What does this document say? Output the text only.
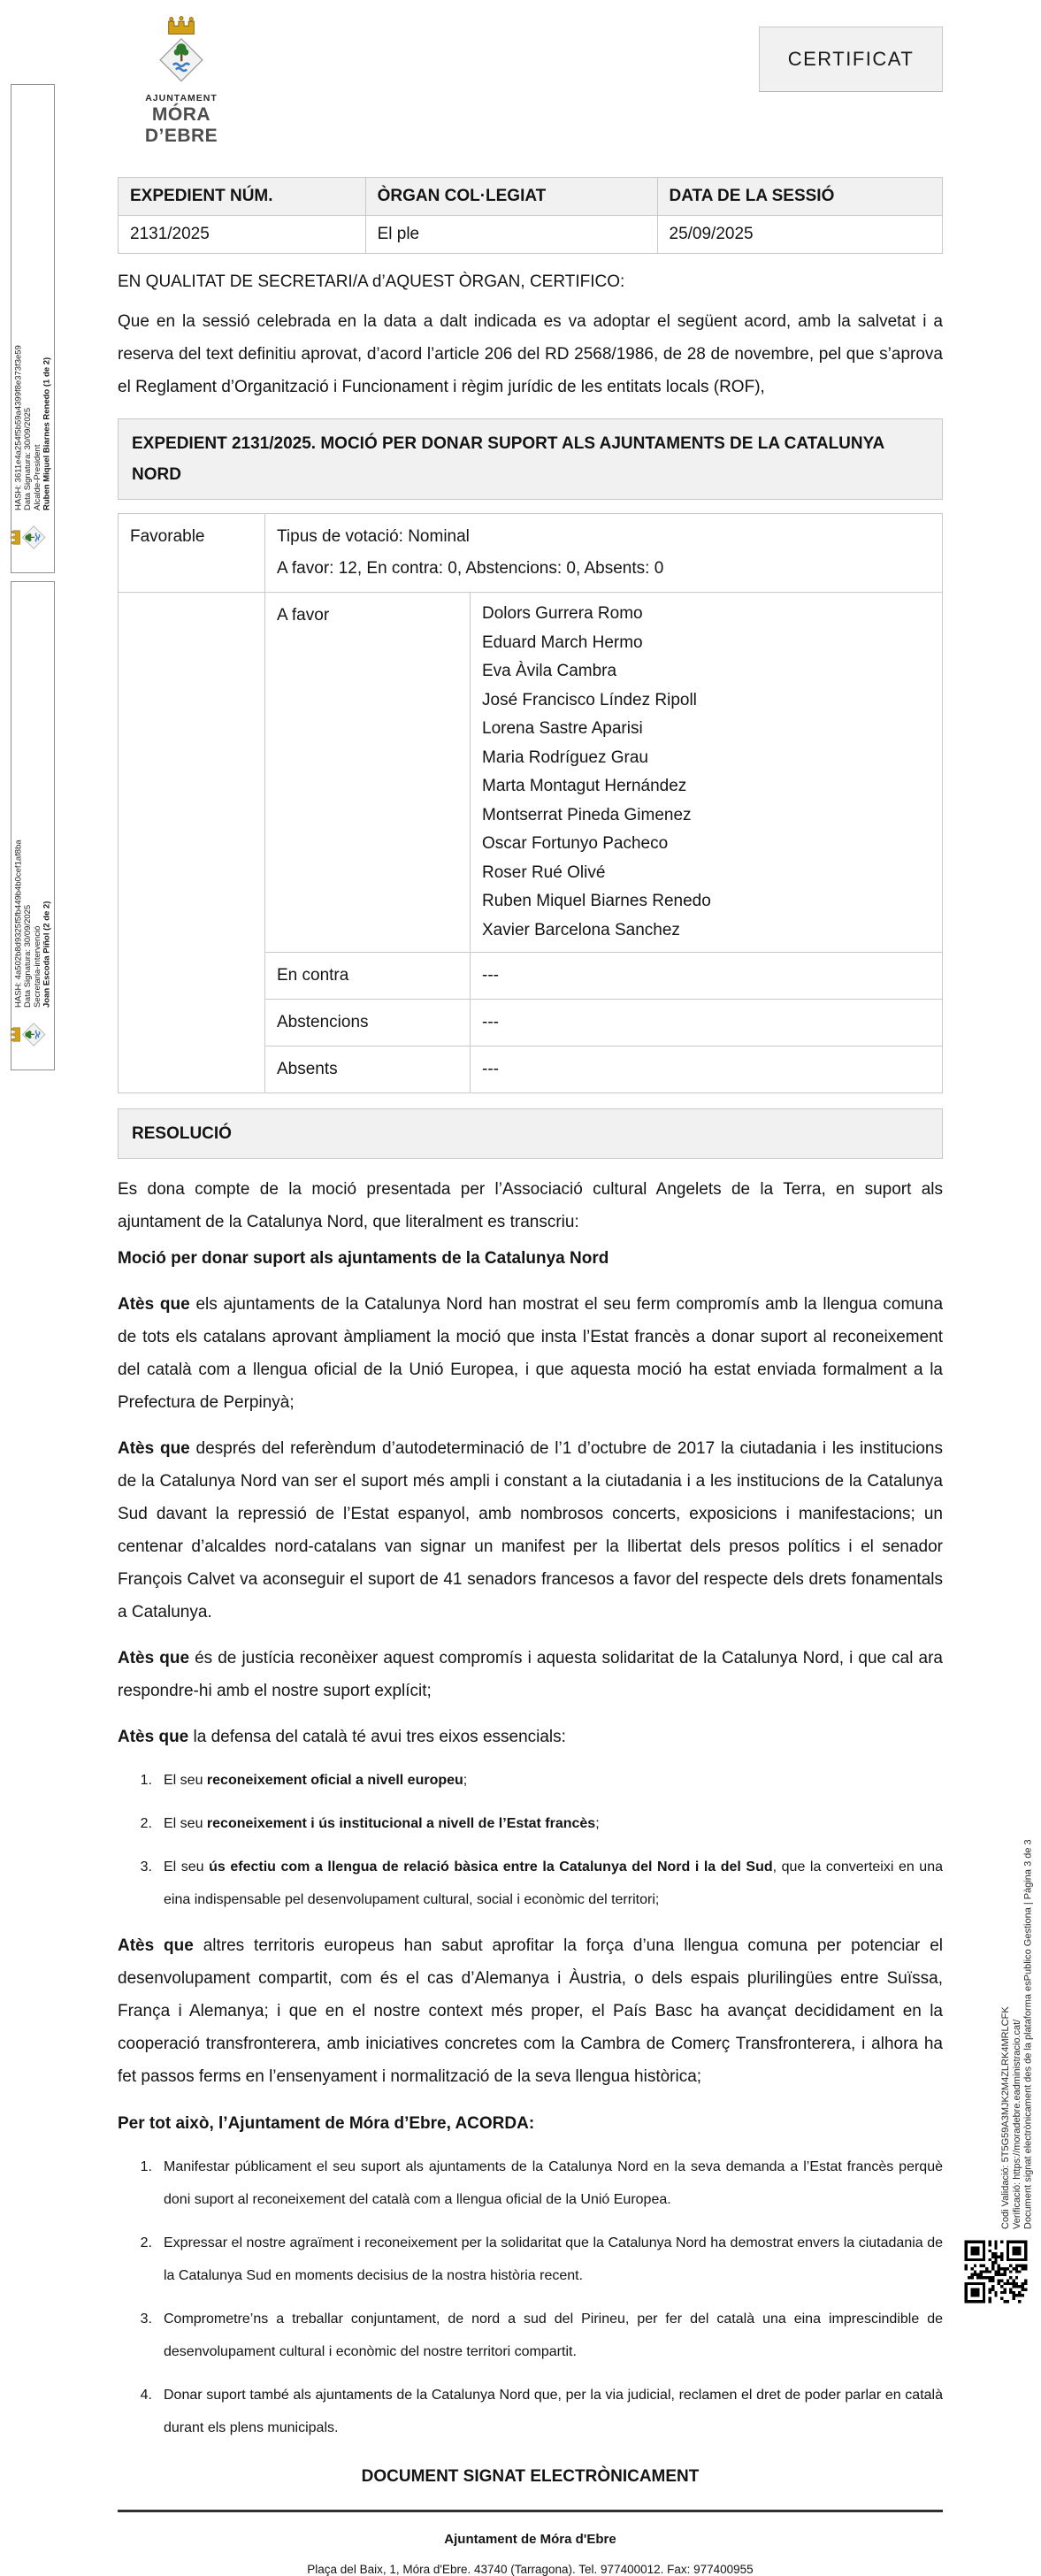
Ruben Miquel Biarnes Renedo (1 de 2)
Alcalde-President
Data Signatura: 30/09/2025
HASH: 3611e4a254f5b59a4399f8e373f3e59
Joan Escoda Piñol (2 de 2)
Secretaria-intervenció
Data Signatura: 30/09/2025
HASH: 4a502b8d9325f5fb449b4b0cef1af8ba
Codi Validació: 5T5G59A3MJK2M4ZLRK4MRLCFK Verificació: https://moradebre.eadministracio.cat/ Document signat electrònicament des de la plataforma esPublico Gestiona | Pàgina 3 de 3
AJUNTAMENT
MÓRA D’EBRE
CERTIFICAT
EXPEDIENT NÚM.	ÒRGAN COL·LEGIAT	DATA DE LA SESSIÓ
2131/2025	El ple	25/09/2025
EN QUALITAT DE SECRETARI/A d’AQUEST ÒRGAN, CERTIFICO:
Que en la sessió celebrada en la data a dalt indicada es va adoptar el següent acord, amb la salvetat i a reserva del text definitiu aprovat, d’acord l’article 206 del RD 2568/1986, de 28 de novembre, pel que s’aprova el Reglament d’Organització i Funcionament i règim jurídic de les entitats locals (ROF),
EXPEDIENT 2131/2025. MOCIÓ PER DONAR SUPORT ALS AJUNTAMENTS DE LA CATALUNYA NORD
Favorable	Tipus de votació: Nominal
A favor: 12, En contra: 0, Abstencions: 0, Absents: 0	

	A favor	Dolors Gurrera Romo
Eduard March Hermo
Eva Àvila Cambra
José Francisco Líndez Ripoll
Lorena Sastre Aparisi
Maria Rodríguez Grau
Marta Montagut Hernández
Montserrat Pineda Gimenez
Oscar Fortunyo Pacheco
Roser Rué Olivé
Ruben Miquel Biarnes Renedo
Xavier Barcelona Sanchez

	En contra	---
	Abstencions	---
	Absents	---
RESOLUCIÓ
Es dona compte de la moció presentada per l’Associació cultural Angelets de la Terra, en suport als ajuntament de la Catalunya Nord, que literalment es transcriu:
Moció per donar suport als ajuntaments de la Catalunya Nord
Atès que els ajuntaments de la Catalunya Nord han mostrat el seu ferm compromís amb la llengua comuna de tots els catalans aprovant àmpliament la moció que insta l’Estat francès a donar suport al reconeixement del català com a llengua oficial de la Unió Europea, i que aquesta moció ha estat enviada formalment a la Prefectura de Perpinyà;
Atès que després del referèndum d’autodeterminació de l’1 d’octubre de 2017 la ciutadania i les institucions de la Catalunya Nord van ser el suport més ampli i constant a la ciutadania i a les institucions de la Catalunya Sud davant la repressió de l’Estat espanyol, amb nombrosos concerts, exposicions i manifestacions; un centenar d’alcaldes nord-catalans van signar un manifest per la llibertat dels presos polítics i el senador François Calvet va aconseguir el suport de 41 senadors francesos a favor del respecte dels drets fonamentals a Catalunya.
Atès que és de justícia reconèixer aquest compromís i aquesta solidaritat de la Catalunya Nord, i que cal ara respondre-hi amb el nostre suport explícit;
Atès que la defensa del català té avui tres eixos essencials:
1. El seu reconeixement oficial a nivell europeu;
2. El seu reconeixement i ús institucional a nivell de l’Estat francès;
3. El seu ús efectiu com a llengua de relació bàsica entre la Catalunya del Nord i la del Sud, que la converteixi en una eina indispensable pel desenvolupament cultural, social i econòmic del territori;
Atès que altres territoris europeus han sabut aprofitar la força d’una llengua comuna per potenciar el desenvolupament compartit, com és el cas d’Alemanya i Àustria, o dels espais plurilingües entre Suïssa, França i Alemanya; i que en el nostre context més proper, el País Basc ha avançat decididament en la cooperació transfronterera, amb iniciatives concretes com la Cambra de Comerç Transfronterera, i alhora ha fet passos ferms en l’ensenyament i normalització de la seva llengua històrica;
Per tot això, l’Ajuntament de Móra d’Ebre, ACORDA:
1. Manifestar públicament el seu suport als ajuntaments de la Catalunya Nord en la seva demanda a l’Estat francès perquè doni suport al reconeixement del català com a llengua oficial de la Unió Europea.
2. Expressar el nostre agraïment i reconeixement per la solidaritat que la Catalunya Nord ha demostrat envers la ciutadania de la Catalunya Sud en moments decisius de la nostra història recent.
3. Comprometre’ns a treballar conjuntament, de nord a sud del Pirineu, per fer del català una eina imprescindible de desenvolupament cultural i econòmic del nostre territori compartit.
4. Donar suport també als ajuntaments de la Catalunya Nord que, per la via judicial, reclamen el dret de poder parlar en català durant els plens municipals.
DOCUMENT SIGNAT ELECTRÒNICAMENT
Ajuntament de Móra d'Ebre
Plaça del Baix, 1, Móra d'Ebre. 43740 (Tarragona). Tel. 977400012. Fax: 977400955
